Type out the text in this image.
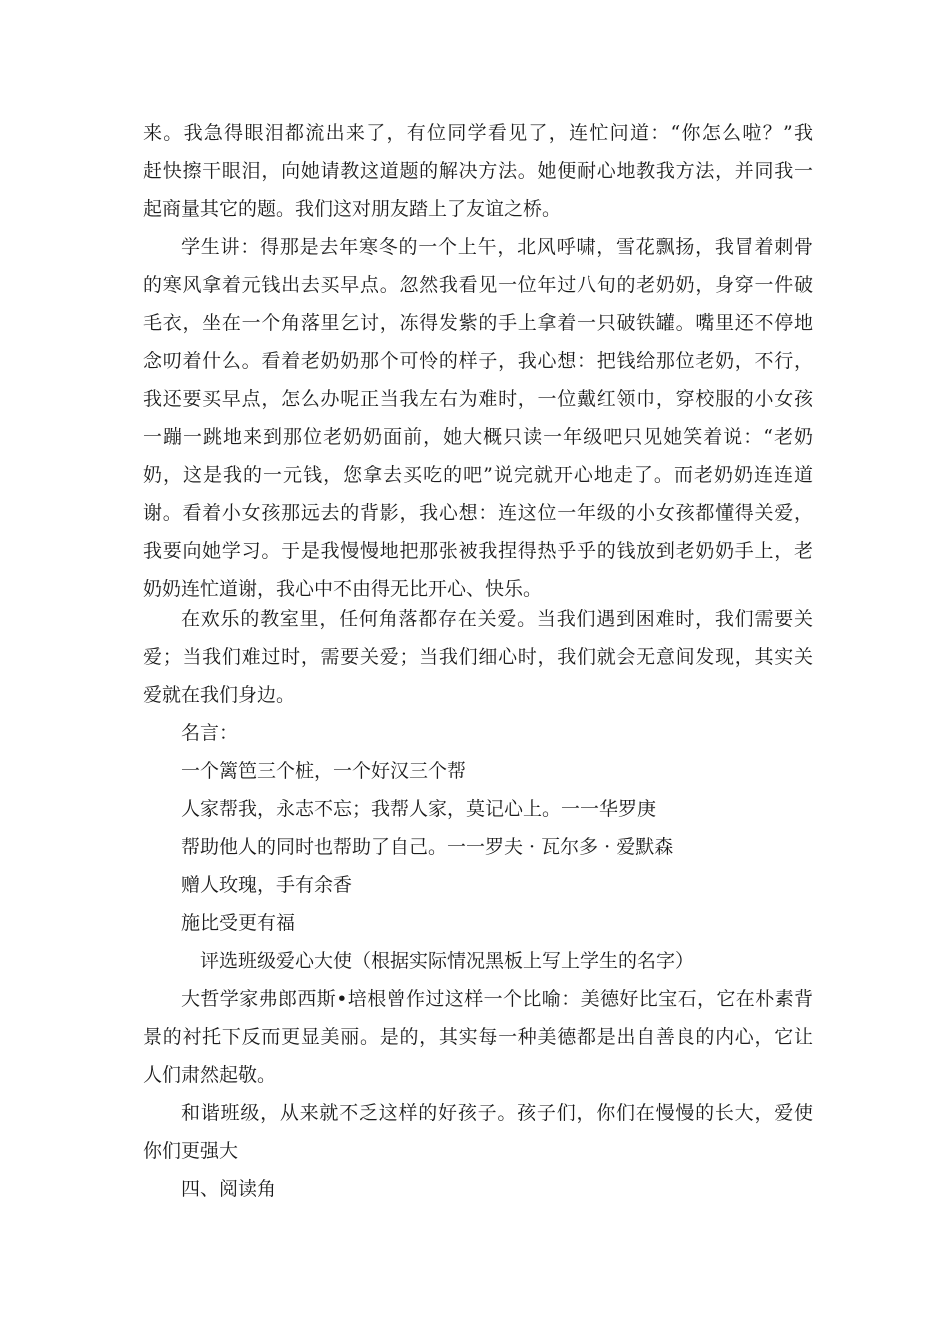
来。我急得眼泪都流出来了，有位同学看见了，连忙问道：“你怎么啦？”我
赶快擦干眼泪，向她请教这道题的解决方法。她便耐心地教我方法，并同我一
起商量其它的题。我们这对朋友踏上了友谊之桥。
学生讲：得那是去年寒冬的一个上午，北风呼啸，雪花飘扬，我冒着刺骨
的寒风拿着元钱出去买早点。忽然我看见一位年过八旬的老奶奶，身穿一件破
毛衣，坐在一个角落里乞讨，冻得发紫的手上拿着一只破铁罐。嘴里还不停地
念叨着什么。看着老奶奶那个可怜的样子，我心想：把钱给那位老奶，不行，
我还要买早点，怎么办呢正当我左右为难时，一位戴红领巾，穿校服的小女孩
一蹦一跳地来到那位老奶奶面前，她大概只读一年级吧只见她笑着说：“老奶
奶，这是我的一元钱，您拿去买吃的吧”说完就开心地走了。而老奶奶连连道
谢。看着小女孩那远去的背影，我心想：连这位一年级的小女孩都懂得关爱，
我要向她学习。于是我慢慢地把那张被我捏得热乎乎的钱放到老奶奶手上，老
奶奶连忙道谢，我心中不由得无比开心、快乐。
在欢乐的教室里，任何角落都存在关爱。当我们遇到困难时，我们需要关
爱；当我们难过时，需要关爱；当我们细心时，我们就会无意间发现，其实关
爱就在我们身边。
名言：
一个篱笆三个桩，一个好汉三个帮
人家帮我，永志不忘；我帮人家，莫记心上。一一华罗庚
帮助他人的同时也帮助了自己。一一罗夫 · 瓦尔多 · 爱默森
赠人玫瑰，手有余香
施比受更有福
评选班级爱心大使（根据实际情况黑板上写上学生的名字）
大哲学家弗郎西斯•培根曾作过这样一个比喻：美德好比宝石，它在朴素背
景的衬托下反而更显美丽。是的，其实每一种美德都是出自善良的内心，它让
人们肃然起敬。
和谐班级，从来就不乏这样的好孩子。孩子们，你们在慢慢的长大，爱使
你们更强大
四、阅读角
